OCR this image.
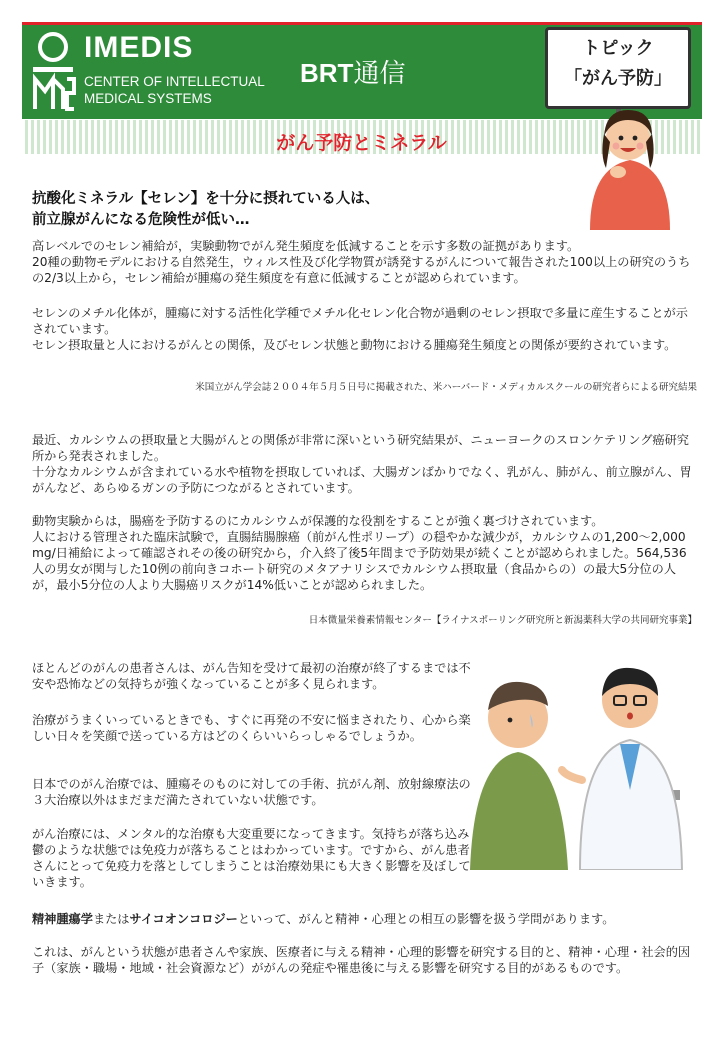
IMEDIS
CENTER OF INTELLECTUAL
MEDICAL SYSTEMS
BRT通信
がん予防とミネラル
トピック
「がん予防」
抗酸化ミネラル【セレン】を十分に摂れている人は、
前立腺がんになる危険性が低い…

高レベルでのセレン補給が，実験動物でがん発生頻度を低減することを示す多数の証拠があります。
20種の動物モデルにおける自然発生，ウィルス性及び化学物質が誘発するがんについて報告された100以上の研究のうちの2/3以上から，セレン補給が腫瘍の発生頻度を有意に低減することが認められています。

セレンのメチル化体が，腫瘍に対する活性化学種でメチル化セレン化合物が過剰のセレン摂取で多量に産生することが示されています。
セレン摂取量と人におけるがんとの関係，及びセレン状態と動物における腫瘍発生頻度との関係が要約されています。

米国立がん学会誌２００４年５月５日号に掲載された、米ハーバード・メディカルスクールの研究者らによる研究結果

最近、カルシウムの摂取量と大腸がんとの関係が非常に深いという研究結果が、ニューヨークのスロンケテリング癌研究所から発表されました。
十分なカルシウムが含まれている水や植物を摂取していれば、大腸ガンばかりでなく、乳がん、肺がん、前立腺がん、胃がんなど、あらゆるガンの予防につながるとされています。

動物実験からは，腸癌を予防するのにカルシウムが保護的な役割をすることが強く裏づけされています。
人における管理された臨床試験で，直腸結腸腺癌（前がん性ポリープ）の穏やかな減少が，カルシウムの1,200～2,000 mg/日補給によって確認されその後の研究から，介入終了後5年間まで予防効果が続くことが認められました。564,536人の男女が関与した10例の前向きコホート研究のメタアナリシスでカルシウム摂取量（食品からの）の最大5分位の人が，最小5分位の人より大腸癌リスクが14%低いことが認められました。

日本微量栄養素情報センター【ライナスポーリング研究所と新潟薬科大学の共同研究事業】

ほとんどのがんの患者さんは、がん告知を受けて最初の治療が終了するまでは不安や恐怖などの気持ちが強くなっていることが多く見られます。

治療がうまくいっているときでも、すぐに再発の不安に悩まされたり、心から楽しい日々を笑顔で送っている方はどのくらいいらっしゃるでしょうか。

日本でのがん治療では、腫瘍そのものに対しての手術、抗がん剤、放射線療法の３大治療以外はまだまだ満たされていない状態です。

がん治療には、メンタル的な治療も大変重要になってきます。気持ちが落ち込み鬱のような状態では免疫力が落ちることはわかっています。ですから、がん患者さんにとって免疫力を落としてしまうことは治療効果にも大きく影響を及ぼしていきます。

精神腫瘍学またはサイコオンコロジーといって、がんと精神・心理との相互の影響を扱う学問があります。

これは、がんという状態が患者さんや家族、医療者に与える精神・心理的影響を研究する目的と、精神・心理・社会的因子（家族・職場・地域・社会資源など）ががんの発症や罹患後に与える影響を研究する目的があるものです。
